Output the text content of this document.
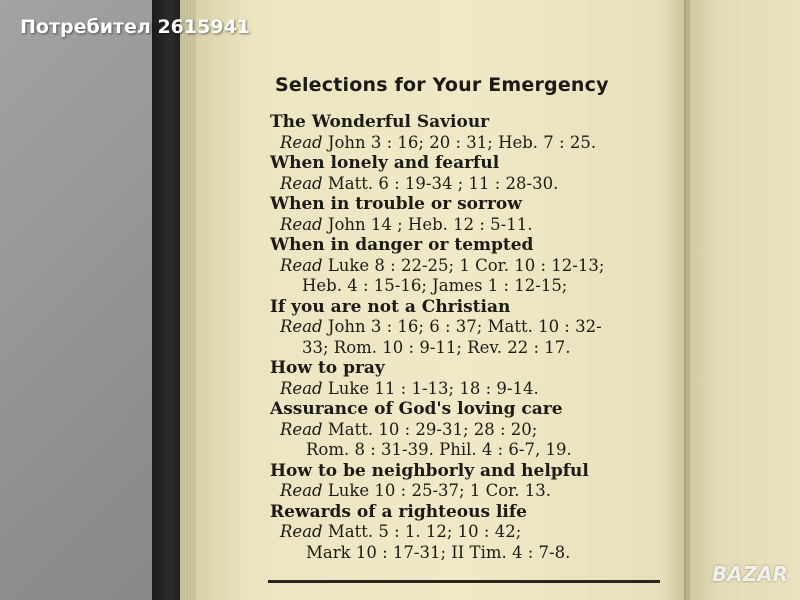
Потребител 2615941
Selections for Your Emergency
The Wonderful Saviour
Read John 3 : 16; 20 : 31; Heb. 7 : 25.
When lonely and fearful
Read Matt. 6 : 19-34 ; 11 : 28-30.
When in trouble or sorrow
Read John 14 ; Heb. 12 : 5-11.
When in danger or tempted
Read Luke 8 : 22-25; 1 Cor. 10 : 12-13;
Heb. 4 : 15-16; James 1 : 12-15;
If you are not a Christian
Read John 3 : 16; 6 : 37; Matt. 10 : 32-
33; Rom. 10 : 9-11; Rev. 22 : 17.
How to pray
Read Luke 11 : 1-13; 18 : 9-14.
Assurance of God's loving care
Read Matt. 10 : 29-31; 28 : 20;
Rom. 8 : 31-39. Phil. 4 : 6-7, 19.
How to be neighborly and helpful
Read Luke 10 : 25-37; 1 Cor. 13.
Rewards of a righteous life
Read Matt. 5 : 1. 12; 10 : 42;
Mark 10 : 17-31; II Tim. 4 : 7-8.
BAZAR
